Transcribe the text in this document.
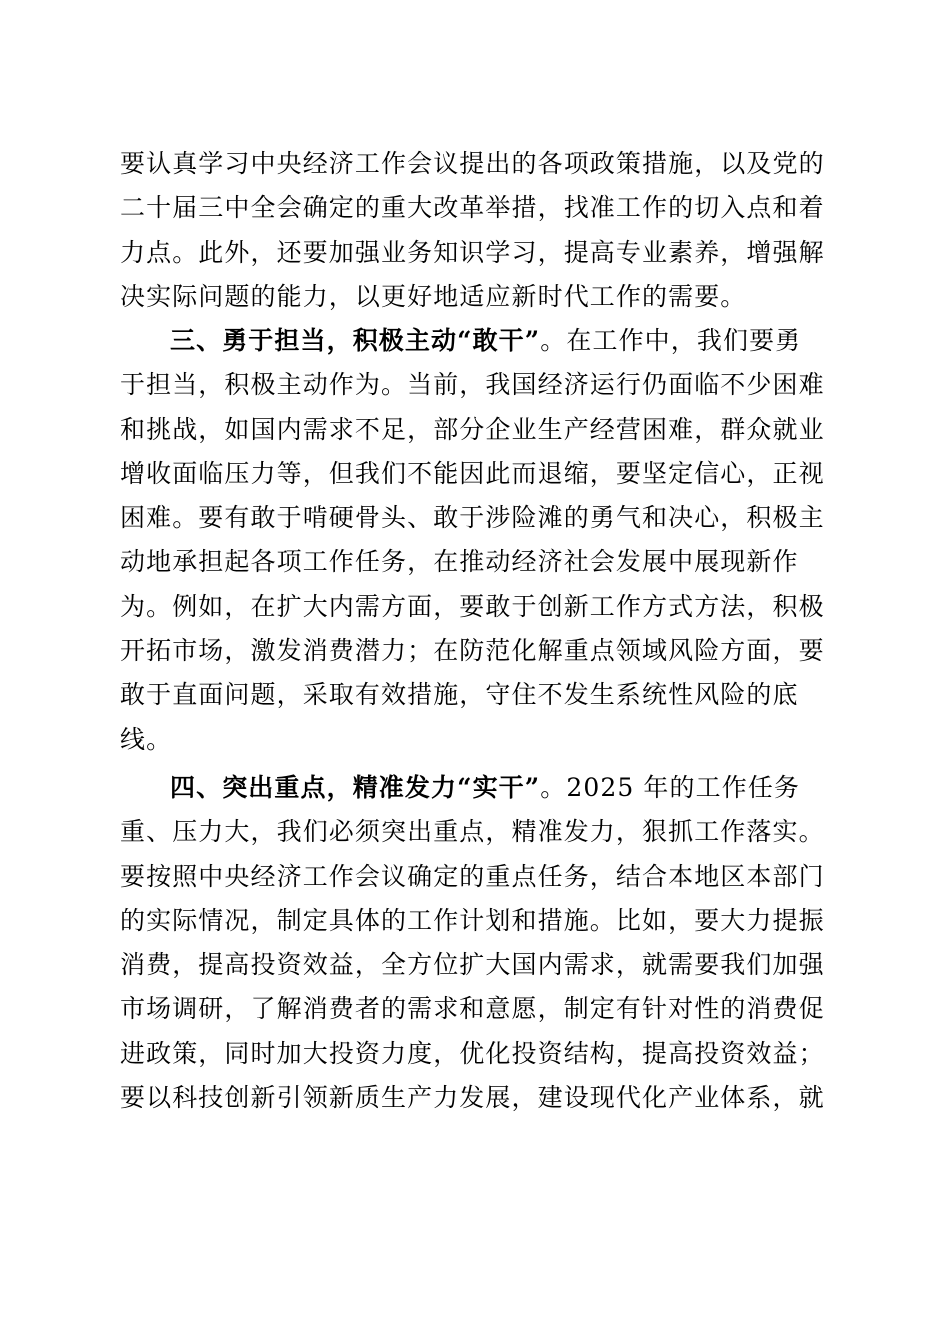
要认真学习中央经济工作会议提出的各项政策措施，以及党的
二十届三中全会确定的重大改革举措，找准工作的切入点和着
力点。此外，还要加强业务知识学习，提高专业素养，增强解
决实际问题的能力，以更好地适应新时代工作的需要。
三、勇于担当，积极主动“敢干”。在工作中，我们要勇
于担当，积极主动作为。当前，我国经济运行仍面临不少困难
和挑战，如国内需求不足，部分企业生产经营困难，群众就业
增收面临压力等，但我们不能因此而退缩，要坚定信心，正视
困难。要有敢于啃硬骨头、敢于涉险滩的勇气和决心，积极主
动地承担起各项工作任务，在推动经济社会发展中展现新作
为。例如，在扩大内需方面，要敢于创新工作方式方法，积极
开拓市场，激发消费潜力；在防范化解重点领域风险方面，要
敢于直面问题，采取有效措施，守住不发生系统性风险的底
线。
四、突出重点，精准发力“实干”。2025 年的工作任务
重、压力大，我们必须突出重点，精准发力，狠抓工作落实。
要按照中央经济工作会议确定的重点任务，结合本地区本部门
的实际情况，制定具体的工作计划和措施。比如，要大力提振
消费，提高投资效益，全方位扩大国内需求，就需要我们加强
市场调研，了解消费者的需求和意愿，制定有针对性的消费促
进政策，同时加大投资力度，优化投资结构，提高投资效益；
要以科技创新引领新质生产力发展，建设现代化产业体系，就
